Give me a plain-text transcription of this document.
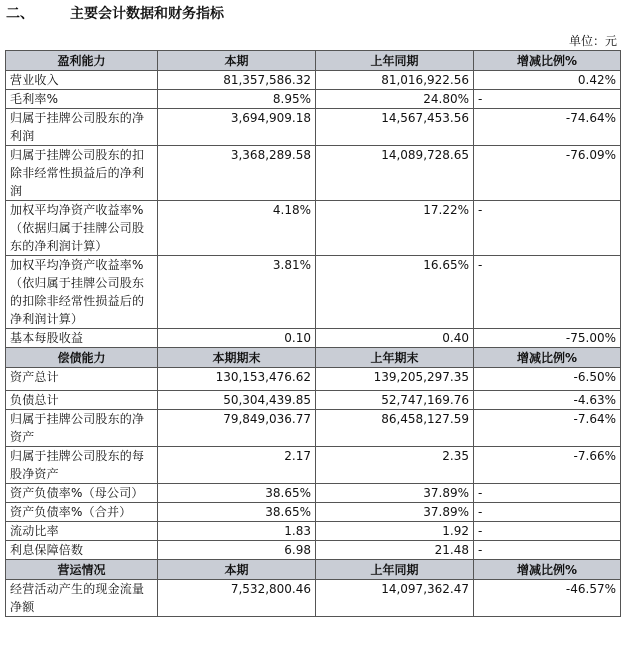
二、	主要会计数据和财务指标
单位：元
盈利能力	本期	上年同期	增减比例%
营业收入	81,357,586.32	81,016,922.56	0.42%
毛利率%	8.95%	24.80%	-
归属于挂牌公司股东的净利润	3,694,909.18	14,567,453.56	-74.64%
归属于挂牌公司股东的扣除非经常性损益后的净利润	3,368,289.58	14,089,728.65	-76.09%
加权平均净资产收益率%（依据归属于挂牌公司股东的净利润计算）	4.18%	17.22%	-
加权平均净资产收益率%（依归属于挂牌公司股东的扣除非经常性损益后的净利润计算）	3.81%	16.65%	-
基本每股收益	0.10	0.40	-75.00%
偿债能力	本期期末	上年期末	增减比例%
资产总计	130,153,476.62	139,205,297.35	-6.50%
负债总计	50,304,439.85	52,747,169.76	-4.63%
归属于挂牌公司股东的净资产	79,849,036.77	86,458,127.59	-7.64%
归属于挂牌公司股东的每股净资产	2.17	2.35	-7.66%
资产负债率%（母公司）	38.65%	37.89%	-
资产负债率%（合并）	38.65%	37.89%	-
流动比率	1.83	1.92	-
利息保障倍数	6.98	21.48	-
营运情况	本期	上年同期	增减比例%
经营活动产生的现金流量净额	7,532,800.46	14,097,362.47	-46.57%
